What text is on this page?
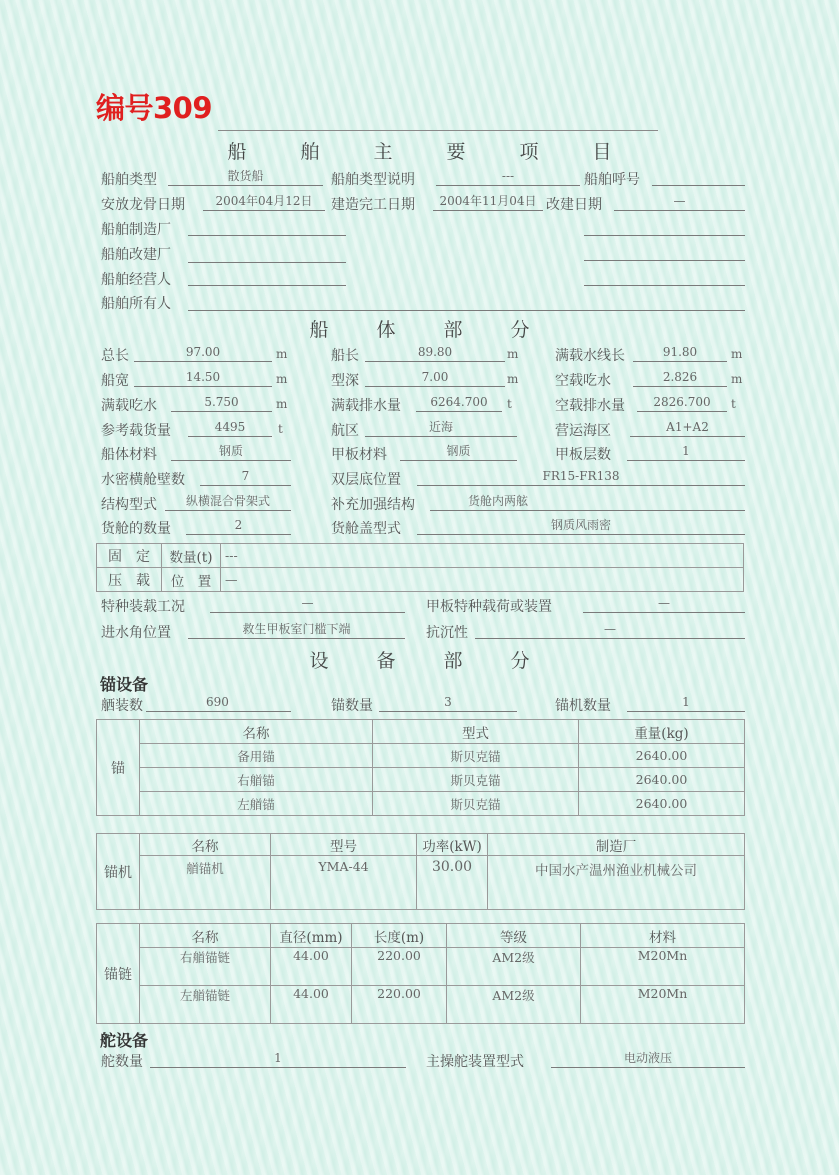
编号309
船	舶	主	要	项	目
船舶类型	散货船	船舶类型说明	---	船舶呼号
安放龙骨日期	2004年04月12日	建造完工日期	2004年11月04日 改建日期	—
船舶制造厂
船舶改建厂
船舶经营人
船舶所有人
船	体	部	分
总长	97.00	m	船长	89.80	m	满载水线长	91.80	m
船宽	14.50	m	型深	7.00	m	空载吃水	2.826	m
满载吃水	5.750	m	满载排水量	6264.700	t	空载排水量	2826.700	t
参考载货量	4495	t	航区	近海	营运海区	A1+A2
船体材料	钢质	甲板材料	钢质	甲板层数	1
水密横舱壁数	7	双层底位置	FR15-FR138
结构型式	纵横混合骨架式	补充加强结构	货舱内两舷
货舱的数量	2	货舱盖型式	钢质风雨密
固　 定	数量(t)	---
压　 载	位　置	—
特种装载工况	—	甲板特种载荷或装置	—
进水角位置	救生甲板室门槛下端	抗沉性	—
设	备	部	分
锚设备
舾装数	690	锚数量	3	锚机数量	1
锚	名称	型式	重量(kg)
	备用锚	斯贝克锚	2640.00
	右艏锚	斯贝克锚	2640.00
	左艏锚	斯贝克锚	2640.00
锚机	名称	型号	功率(kW)	制造厂
	艏锚机	YMA-44	30.00	中国水产温州渔业机械公司
锚链	名称	直径(mm)	长度(m)	等级	材料
	右艏锚链	44.00	220.00	AM2级	M20Mn
	左艏锚链	44.00	220.00	AM2级	M20Mn
舵设备
舵数量	1	主操舵装置型式	电动液压
